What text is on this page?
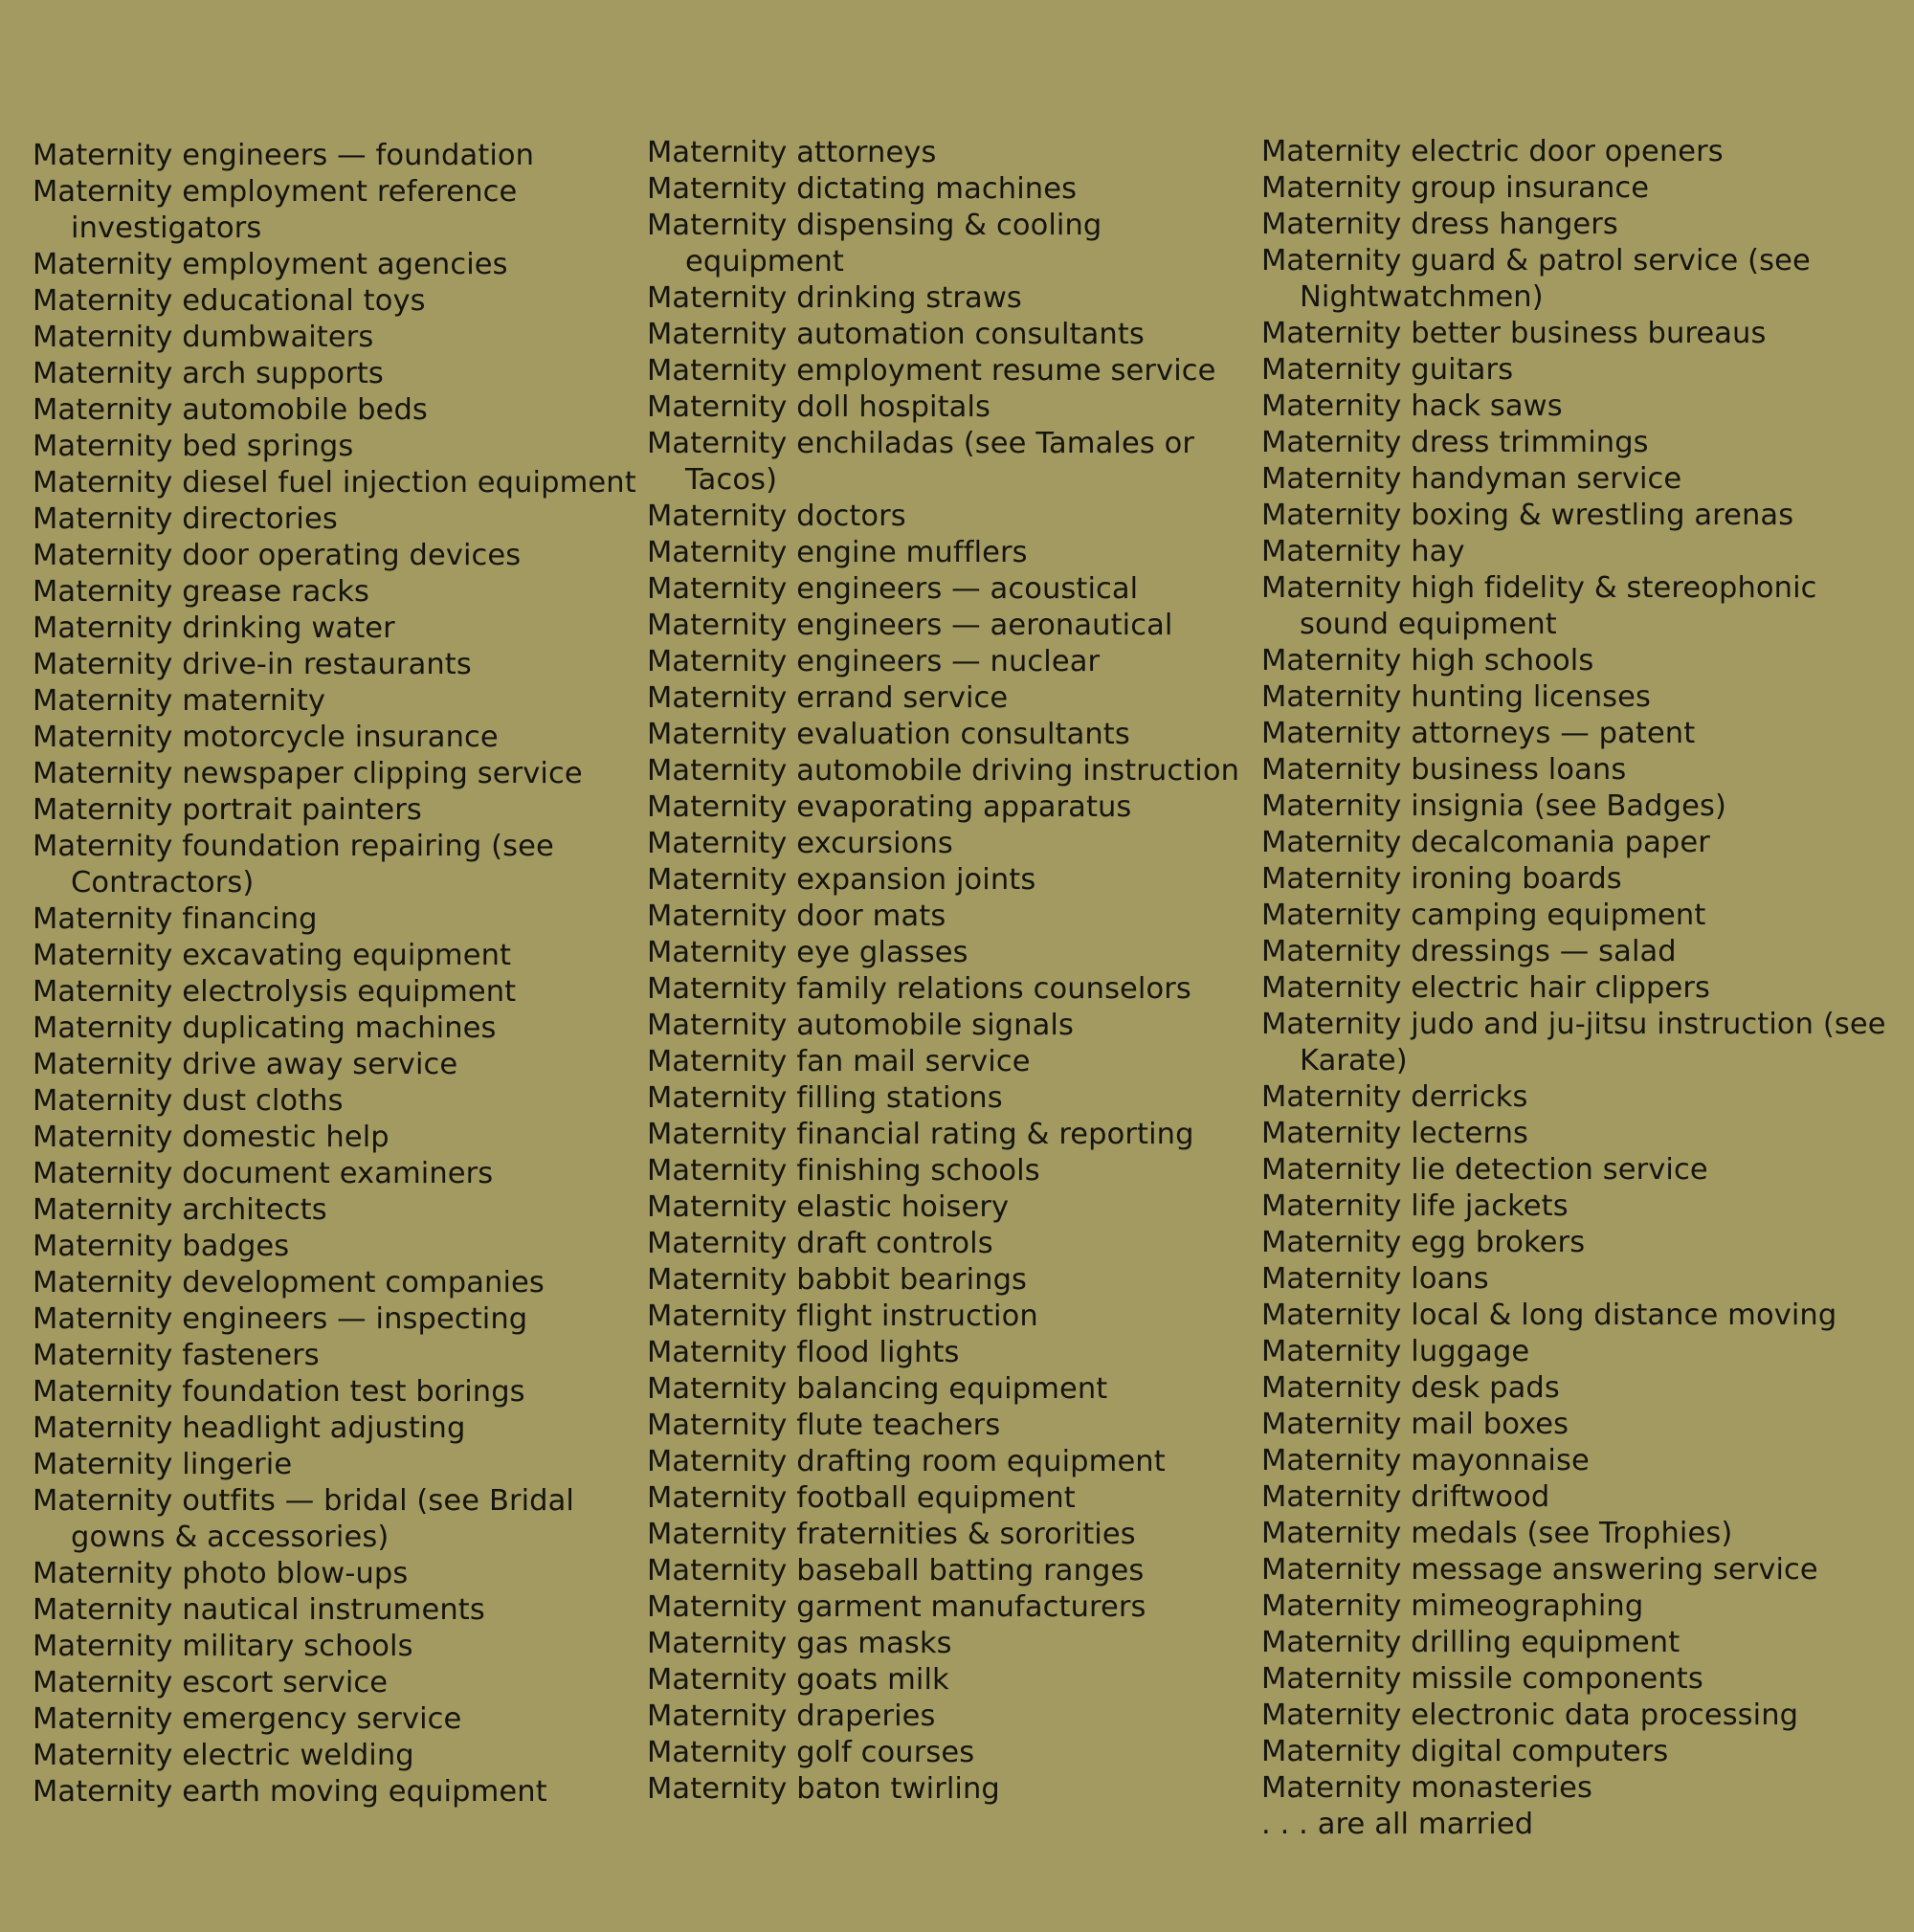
Maternity engineers — foundation
Maternity employment reference investigators
Maternity employment agencies
Maternity educational toys
Maternity dumbwaiters
Maternity arch supports
Maternity automobile beds
Maternity bed springs
Maternity diesel fuel injection equipment
Maternity directories
Maternity door operating devices
Maternity grease racks
Maternity drinking water
Maternity drive-in restaurants
Maternity maternity
Maternity motorcycle insurance
Maternity newspaper clipping service
Maternity portrait painters
Maternity foundation repairing (see Contractors)
Maternity financing
Maternity excavating equipment
Maternity electrolysis equipment
Maternity duplicating machines
Maternity drive away service
Maternity dust cloths
Maternity domestic help
Maternity document examiners
Maternity architects
Maternity badges
Maternity development companies
Maternity engineers — inspecting
Maternity fasteners
Maternity foundation test borings
Maternity headlight adjusting
Maternity lingerie
Maternity outfits — bridal (see Bridal gowns & accessories)
Maternity photo blow-ups
Maternity nautical instruments
Maternity military schools
Maternity escort service
Maternity emergency service
Maternity electric welding
Maternity earth moving equipment
Maternity attorneys
Maternity dictating machines
Maternity dispensing & cooling equipment
Maternity drinking straws
Maternity automation consultants
Maternity employment resume service
Maternity doll hospitals
Maternity enchiladas (see Tamales or Tacos)
Maternity doctors
Maternity engine mufflers
Maternity engineers — acoustical
Maternity engineers — aeronautical
Maternity engineers — nuclear
Maternity errand service
Maternity evaluation consultants
Maternity automobile driving instruction
Maternity evaporating apparatus
Maternity excursions
Maternity expansion joints
Maternity door mats
Maternity eye glasses
Maternity family relations counselors
Maternity automobile signals
Maternity fan mail service
Maternity filling stations
Maternity financial rating & reporting
Maternity finishing schools
Maternity elastic hoisery
Maternity draft controls
Maternity babbit bearings
Maternity flight instruction
Maternity flood lights
Maternity balancing equipment
Maternity flute teachers
Maternity drafting room equipment
Maternity football equipment
Maternity fraternities & sororities
Maternity baseball batting ranges
Maternity garment manufacturers
Maternity gas masks
Maternity goats milk
Maternity draperies
Maternity golf courses
Maternity baton twirling
Maternity electric door openers
Maternity group insurance
Maternity dress hangers
Maternity guard & patrol service (see Nightwatchmen)
Maternity better business bureaus
Maternity guitars
Maternity hack saws
Maternity dress trimmings
Maternity handyman service
Maternity boxing & wrestling arenas
Maternity hay
Maternity high fidelity & stereophonic sound equipment
Maternity high schools
Maternity hunting licenses
Maternity attorneys — patent
Maternity business loans
Maternity insignia (see Badges)
Maternity decalcomania paper
Maternity ironing boards
Maternity camping equipment
Maternity dressings — salad
Maternity electric hair clippers
Maternity judo and ju-jitsu instruction (see Karate)
Maternity derricks
Maternity lecterns
Maternity lie detection service
Maternity life jackets
Maternity egg brokers
Maternity loans
Maternity local & long distance moving
Maternity luggage
Maternity desk pads
Maternity mail boxes
Maternity mayonnaise
Maternity driftwood
Maternity medals (see Trophies)
Maternity message answering service
Maternity mimeographing
Maternity drilling equipment
Maternity missile components
Maternity electronic data processing
Maternity digital computers
Maternity monasteries
. . . are all married
